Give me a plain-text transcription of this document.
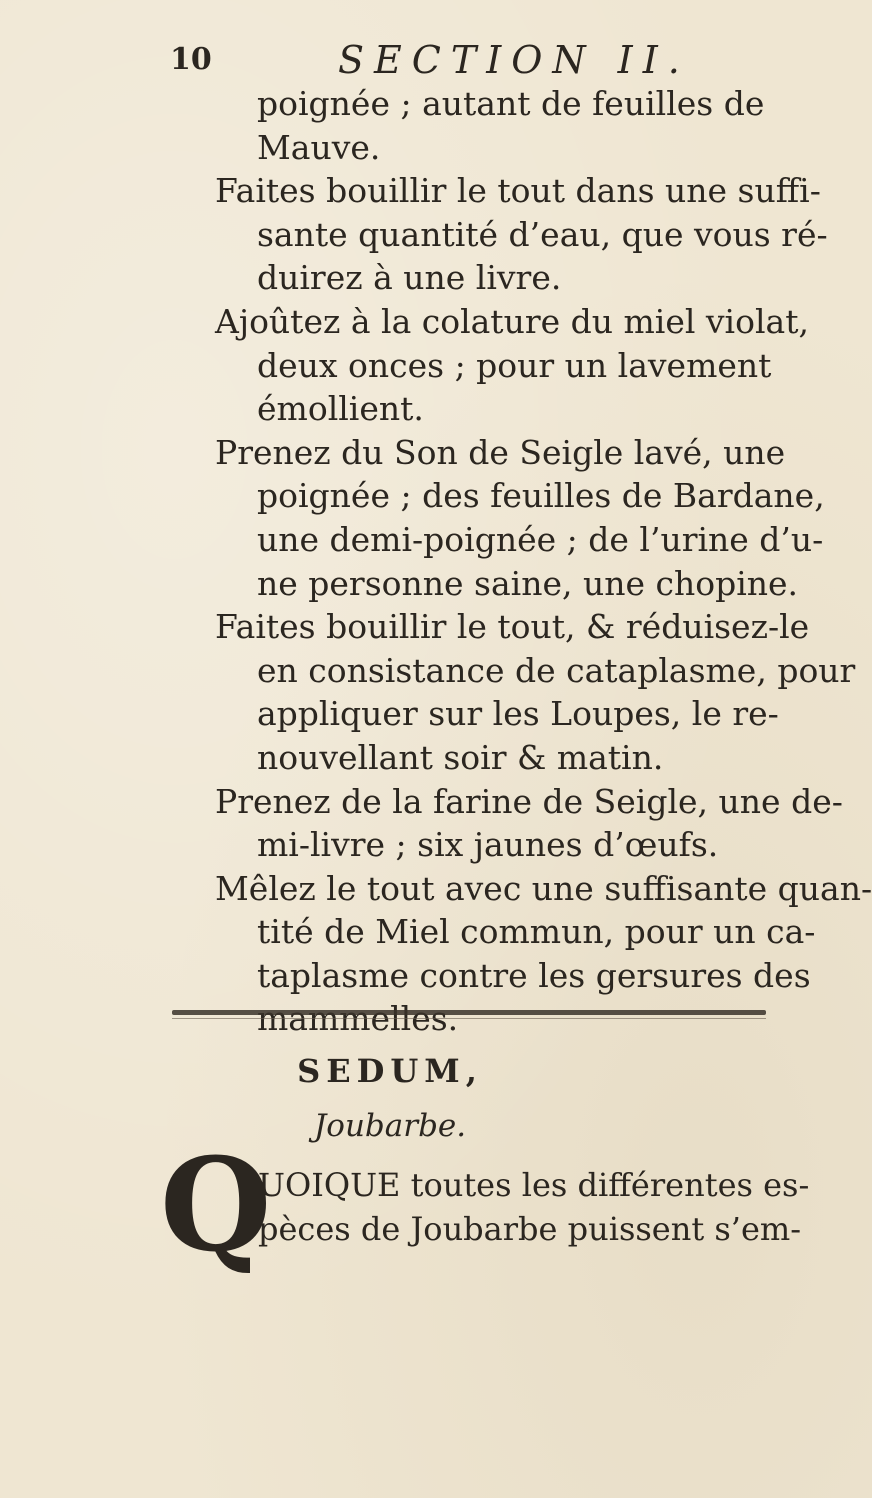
10	SECTION II.
poignée ; autant de feuilles de
Mauve.
Faites bouillir le tout dans une suffi-
sante quantité d’eau, que vous ré-
duirez à une livre.
Ajoûtez à la colature du miel violat,
deux onces ; pour un lavement
émollient.
Prenez du Son de Seigle lavé, une
poignée ; des feuilles de Bardane,
une demi-poignée ; de l’urine d’u-
ne personne saine, une chopine.
Faites bouillir le tout, & réduisez-le
en consistance de cataplasme, pour
appliquer sur les Loupes, le re-
nouvellant soir & matin.
Prenez de la farine de Seigle, une de-
mi-livre ; six jaunes d’œufs.
Mêlez le tout avec une suffisante quan-
tité de Miel commun, pour un ca-
taplasme contre les gersures des
SEDUM,
Joubarbe.
Q
UOIQUE toutes les différentes es-
pèces de Joubarbe puissent s’em-
